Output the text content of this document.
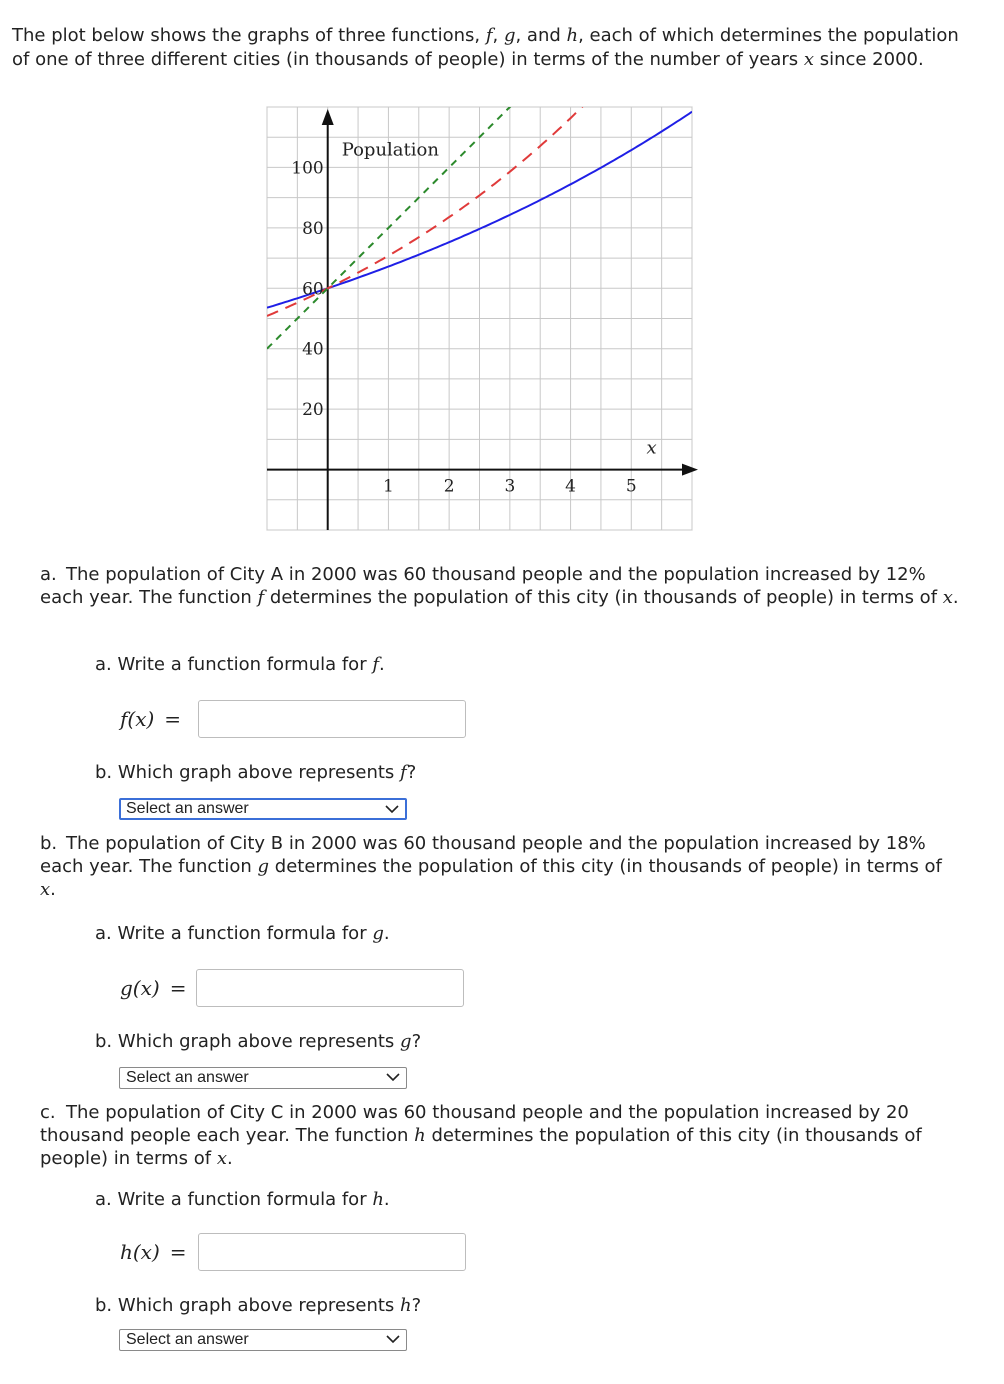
The plot below shows the graphs of three functions, f, g, and h, each of which determines the population of one of three different cities (in thousands of people) in terms of the number of years x since 2000.
1	2	3	4	5
20
40
60
80
100
Population
x
a. The population of City A in 2000 was 60 thousand people and the population increased by 12% each year. The function f determines the population of this city (in thousands of people) in terms of x.
a. Write a function formula for f.
f(x) =
b. Which graph above represents f?
Select an answer
b. The population of City B in 2000 was 60 thousand people and the population increased by 18% each year. The function g determines the population of this city (in thousands of people) in terms of x.
a. Write a function formula for g.
g(x) =
b. Which graph above represents g?
Select an answer
c. The population of City C in 2000 was 60 thousand people and the population increased by 20 thousand people each year. The function h determines the population of this city (in thousands of people) in terms of x.
a. Write a function formula for h.
h(x) =
b. Which graph above represents h?
Select an answer
